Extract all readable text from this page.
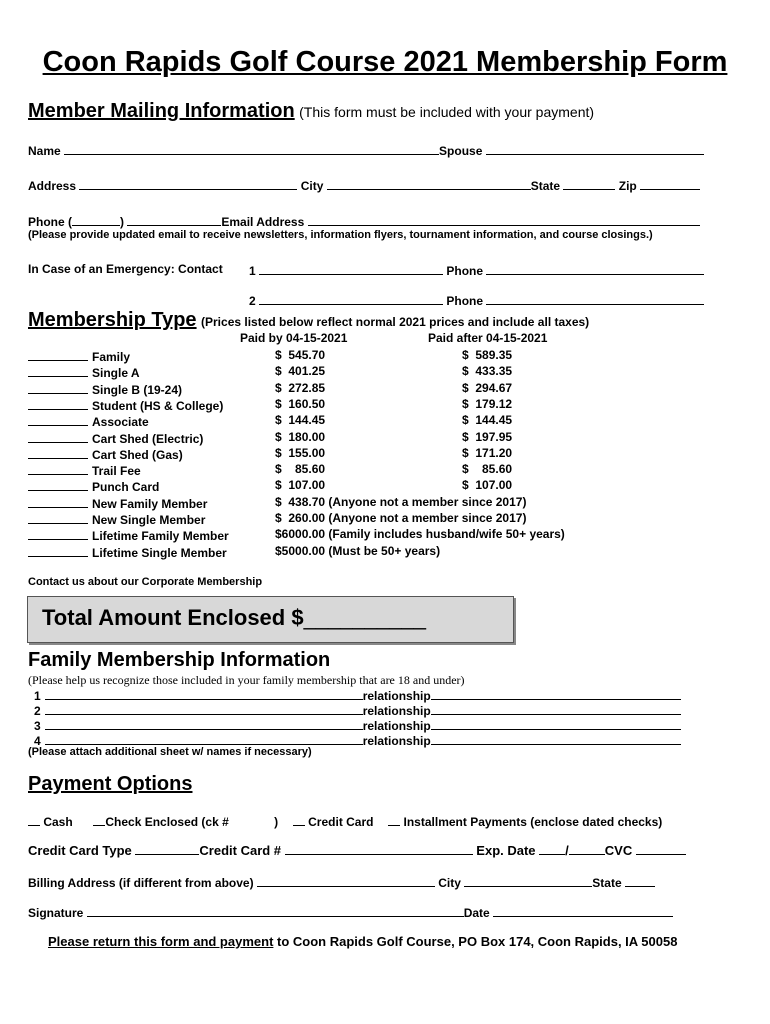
Coon Rapids Golf Course 2021 Membership Form
Member Mailing Information (This form must be included with your payment)
Name	Spouse
Address	City	State	Zip
Phone (	)	Email Address
(Please provide updated email to receive newsletters, information flyers, tournament information, and course closings.)
In Case of an Emergency: Contact 1	Phone
2	Phone
Membership Type (Prices listed below reflect normal 2021 prices and include all taxes)
Paid by 04-15-2021	Paid after 04-15-2021
Family	$  545.70	$  589.35
Single A	$  401.25	$  433.35
Single B (19-24)	$  272.85	$  294.67
Student (HS & College)	$  160.50	$  179.12
Associate	$  144.45	$  144.45
Cart Shed (Electric)	$  180.00	$  197.95
Cart Shed (Gas)	$  155.00	$  171.20
Trail Fee	$    85.60	$    85.60
Punch Card	$  107.00	$  107.00
New Family Member	$  438.70 (Anyone not a member since 2017)
New Single Member	$  260.00 (Anyone not a member since 2017)
Lifetime Family Member	$6000.00 (Family includes husband/wife 50+ years)
Lifetime Single Member	$5000.00 (Must be 50+ years)
Contact us about our Corporate Membership
Total Amount Enclosed $__________
Family Membership Information
(Please help us recognize those included in your family membership that are 18 and under)
1	relationship
2	relationship
3	relationship
4	relationship
(Please attach additional sheet w/ names if necessary)
Payment Options
Cash	Check Enclosed (ck #	)	Credit Card	Installment Payments (enclose dated checks)
Credit Card Type	Credit Card #	Exp. Date /	CVC
Billing Address (if different from above)	City	State
Signature	Date
Please return this form and payment to Coon Rapids Golf Course, PO Box 174, Coon Rapids, IA 50058
